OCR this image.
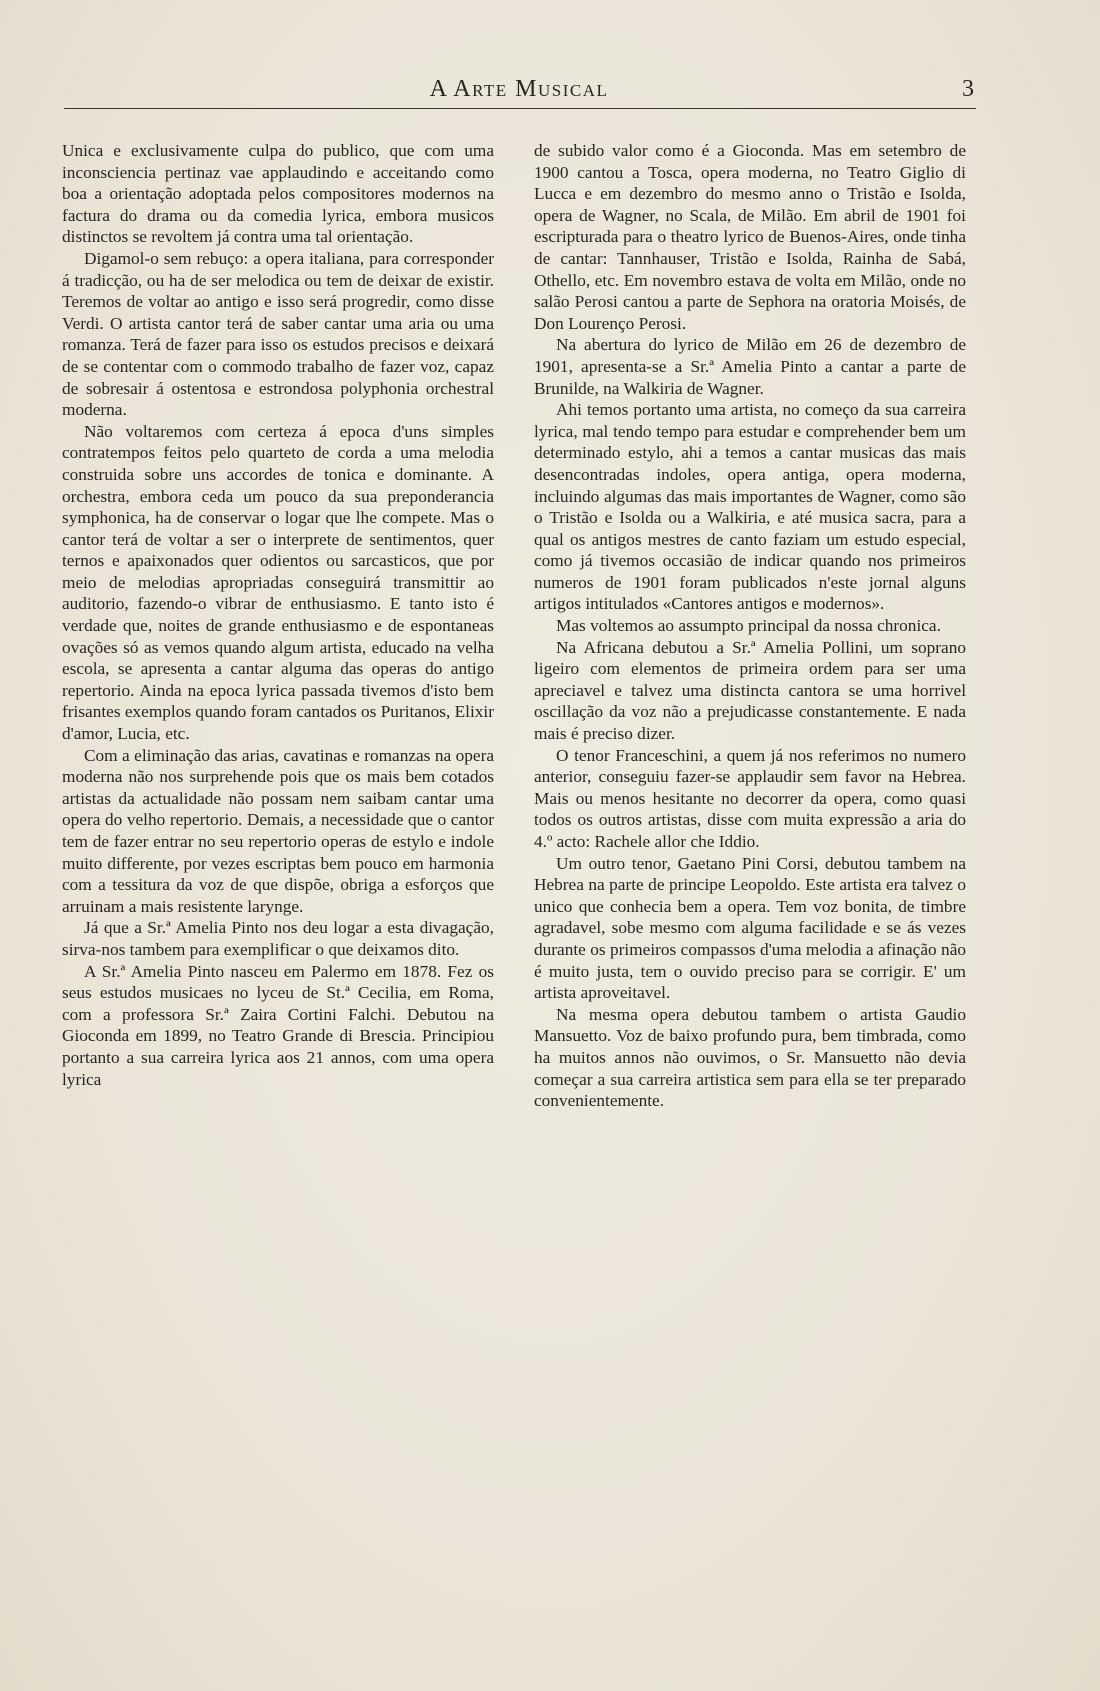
A Arte Musical	3

Unica e exclusivamente culpa do publico, que com uma inconsciencia pertinaz vae applaudindo e acceitando como boa a orientação adoptada pelos compositores modernos na factura do drama ou da comedia lyrica, embora musicos distinctos se revoltem já contra uma tal orientação.

Digamol-o sem rebuço: a opera italiana, para corresponder á tradicção, ou ha de ser melodica ou tem de deixar de existir. Teremos de voltar ao antigo e isso será progredir, como disse Verdi. O artista cantor terá de saber cantar uma aria ou uma romanza. Terá de fazer para isso os estudos precisos e deixará de se contentar com o commodo trabalho de fazer voz, capaz de sobresair á ostentosa e estrondosa polyphonia orchestral moderna.

Não voltaremos com certeza á epoca d'uns simples contratempos feitos pelo quarteto de corda a uma melodia construida sobre uns accordes de tonica e dominante. A orchestra, embora ceda um pouco da sua preponderancia symphonica, ha de conservar o logar que lhe compete. Mas o cantor terá de voltar a ser o interprete de sentimentos, quer ternos e apaixonados quer odientos ou sarcasticos, que por meio de melodias apropriadas conseguirá transmittir ao auditorio, fazendo-o vibrar de enthusiasmo. E tanto isto é verdade que, noites de grande enthusiasmo e de espontaneas ovações só as vemos quando algum artista, educado na velha escola, se apresenta a cantar alguma das operas do antigo repertorio. Ainda na epoca lyrica passada tivemos d'isto bem frisantes exemplos quando foram cantados os Puritanos, Elixir d'amor, Lucia, etc.

Com a eliminação das arias, cavatinas e romanzas na opera moderna não nos surprehende pois que os mais bem cotados artistas da actualidade não possam nem saibam cantar uma opera do velho repertorio. Demais, a necessidade que o cantor tem de fazer entrar no seu repertorio operas de estylo e indole muito differente, por vezes escriptas bem pouco em harmonia com a tessitura da voz de que dispõe, obriga a esforços que arruinam a mais resistente larynge.

Já que a Sr.ª Amelia Pinto nos deu logar a esta divagação, sirva-nos tambem para exemplificar o que deixamos dito.

A Sr.ª Amelia Pinto nasceu em Palermo em 1878. Fez os seus estudos musicaes no lyceu de St.ª Cecilia, em Roma, com a professora Sr.ª Zaira Cortini Falchi. Debutou na Gioconda em 1899, no Teatro Grande di Brescia. Principiou portanto a sua carreira lyrica aos 21 annos, com uma opera lyrica

de subido valor como é a Gioconda. Mas em setembro de 1900 cantou a Tosca, opera moderna, no Teatro Giglio di Lucca e em dezembro do mesmo anno o Tristão e Isolda, opera de Wagner, no Scala, de Milão. Em abril de 1901 foi escripturada para o theatro lyrico de Buenos-Aires, onde tinha de cantar: Tannhauser, Tristão e Isolda, Rainha de Sabá, Othello, etc. Em novembro estava de volta em Milão, onde no salão Perosi cantou a parte de Sephora na oratoria Moisés, de Don Lourenço Perosi.

Na abertura do lyrico de Milão em 26 de dezembro de 1901, apresenta-se a Sr.ª Amelia Pinto a cantar a parte de Brunilde, na Walkiria de Wagner.

Ahi temos portanto uma artista, no começo da sua carreira lyrica, mal tendo tempo para estudar e comprehender bem um determinado estylo, ahi a temos a cantar musicas das mais desencontradas indoles, opera antiga, opera moderna, incluindo algumas das mais importantes de Wagner, como são o Tristão e Isolda ou a Walkiria, e até musica sacra, para a qual os antigos mestres de canto faziam um estudo especial, como já tivemos occasião de indicar quando nos primeiros numeros de 1901 foram publicados n'este jornal alguns artigos intitulados «Cantores antigos e modernos».

Mas voltemos ao assumpto principal da nossa chronica.

Na Africana debutou a Sr.ª Amelia Pollini, um soprano ligeiro com elementos de primeira ordem para ser uma apreciavel e talvez uma distincta cantora se uma horrivel oscillação da voz não a prejudicasse constantemente. E nada mais é preciso dizer.

O tenor Franceschini, a quem já nos referimos no numero anterior, conseguiu fazer-se applaudir sem favor na Hebrea. Mais ou menos hesitante no decorrer da opera, como quasi todos os outros artistas, disse com muita expressão a aria do 4.º acto: Rachele allor che Iddio.

Um outro tenor, Gaetano Pini Corsi, debutou tambem na Hebrea na parte de principe Leopoldo. Este artista era talvez o unico que conhecia bem a opera. Tem voz bonita, de timbre agradavel, sobe mesmo com alguma facilidade e se ás vezes durante os primeiros compassos d'uma melodia a afinação não é muito justa, tem o ouvido preciso para se corrigir. E' um artista aproveitavel.

Na mesma opera debutou tambem o artista Gaudio Mansuetto. Voz de baixo profundo pura, bem timbrada, como ha muitos annos não ouvimos, o Sr. Mansuetto não devia começar a sua carreira artistica sem para ella se ter preparado convenientemente.
